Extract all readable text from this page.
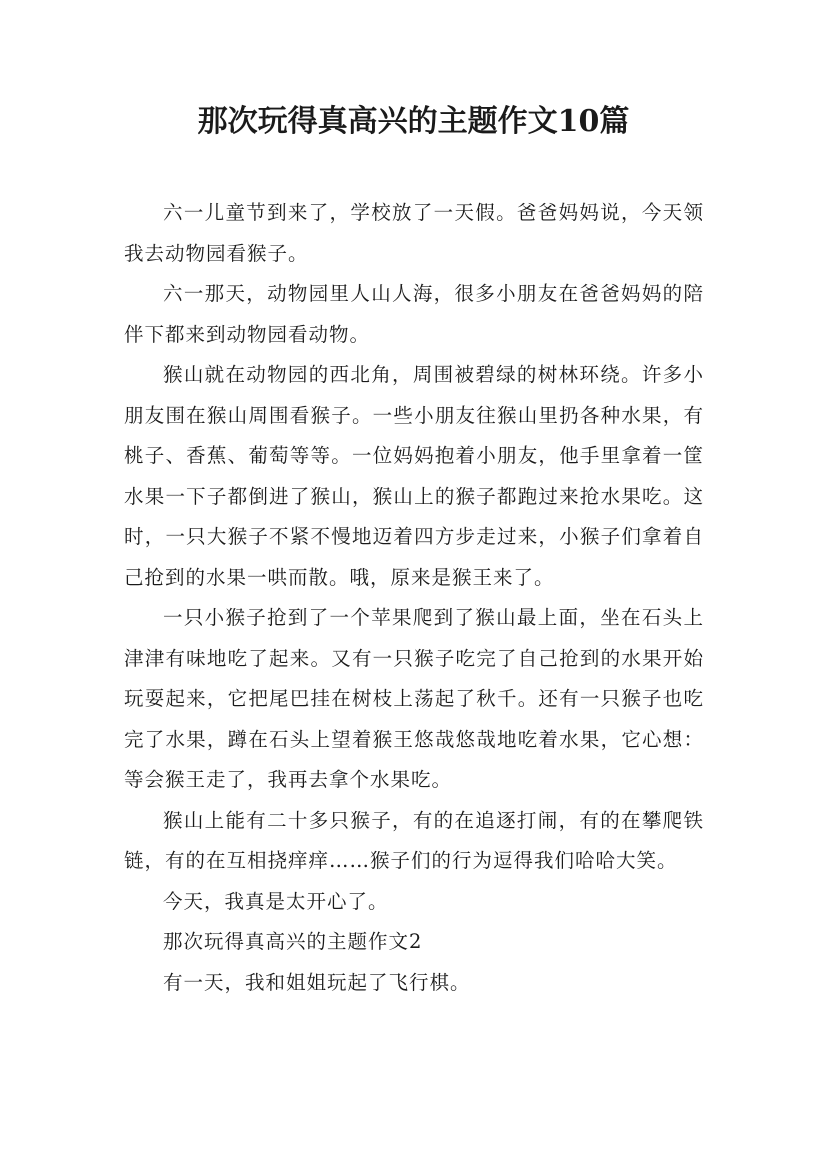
那次玩得真高兴的主题作文10篇

六一儿童节到来了，学校放了一天假。爸爸妈妈说，今天领我去动物园看猴子。

六一那天，动物园里人山人海，很多小朋友在爸爸妈妈的陪伴下都来到动物园看动物。

猴山就在动物园的西北角，周围被碧绿的树林环绕。许多小朋友围在猴山周围看猴子。一些小朋友往猴山里扔各种水果，有桃子、香蕉、葡萄等等。一位妈妈抱着小朋友，他手里拿着一筐水果一下子都倒进了猴山，猴山上的猴子都跑过来抢水果吃。这时，一只大猴子不紧不慢地迈着四方步走过来，小猴子们拿着自己抢到的水果一哄而散。哦，原来是猴王来了。

一只小猴子抢到了一个苹果爬到了猴山最上面，坐在石头上津津有味地吃了起来。又有一只猴子吃完了自己抢到的水果开始玩耍起来，它把尾巴挂在树枝上荡起了秋千。还有一只猴子也吃完了水果，蹲在石头上望着猴王悠哉悠哉地吃着水果，它心想：等会猴王走了，我再去拿个水果吃。

猴山上能有二十多只猴子，有的在追逐打闹，有的在攀爬铁链，有的在互相挠痒痒……猴子们的行为逗得我们哈哈大笑。

今天，我真是太开心了。

那次玩得真高兴的主题作文2

有一天，我和姐姐玩起了飞行棋。
